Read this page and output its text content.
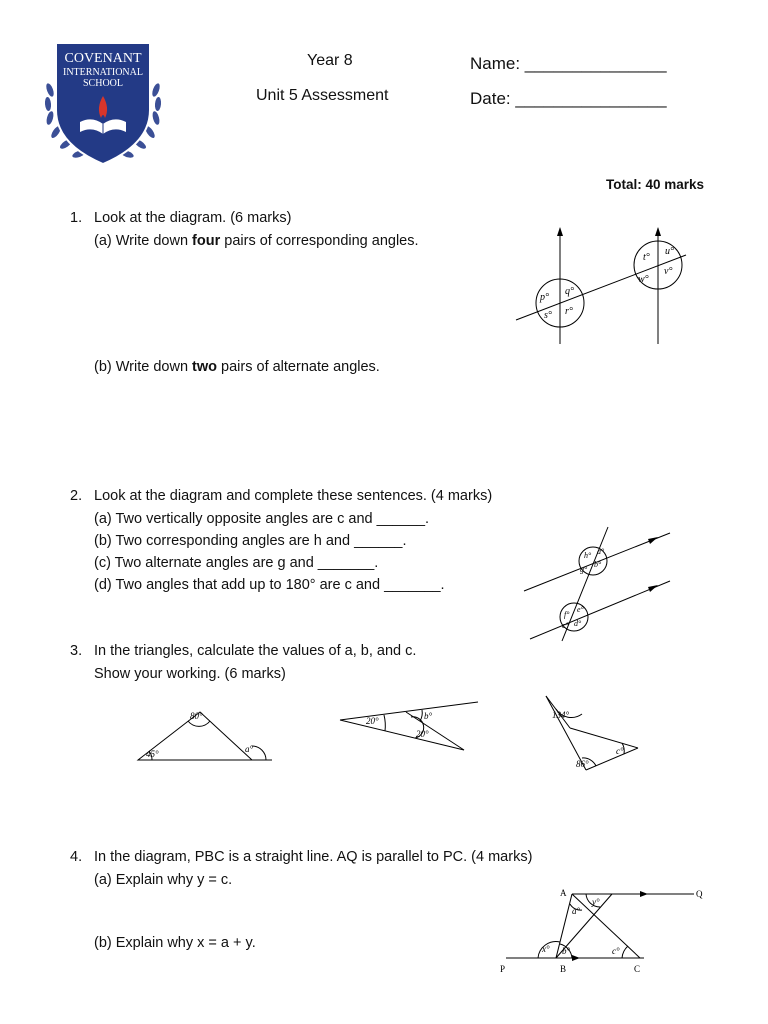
COVENANT
INTERNATIONAL
SCHOOL
Year 8
Unit 5 Assessment
Name: _______________
Date: ________________
Total: 40 marks
1. Look at the diagram. (6 marks)
(a) Write down four pairs of corresponding angles.
(b) Write down two pairs of alternate angles.
p°
q°
s° r°
t°
u°
w°
v°
2. Look at the diagram and complete these sentences. (4 marks)
(a) Two vertically opposite angles are c and ______.
(b) Two corresponding angles are h and ______.
(c) Two alternate angles are g and _______.
(d) Two angles that add up to 180° are c and _______.
h° a°
g°
b°
f°
e°
c° d°
3. In the triangles, calculate the values of a, b, and c.
Show your working. (6 marks)
80°
45°	a°
20°
20°
b°	134°
86°
c°
4. In the diagram, PBC is a straight line. AQ is parallel to PC. (4 marks)
(a) Explain why y = c.
(b) Explain why x = a + y.
A	Q
P	B	C
y°
a°
x° b°	c°
